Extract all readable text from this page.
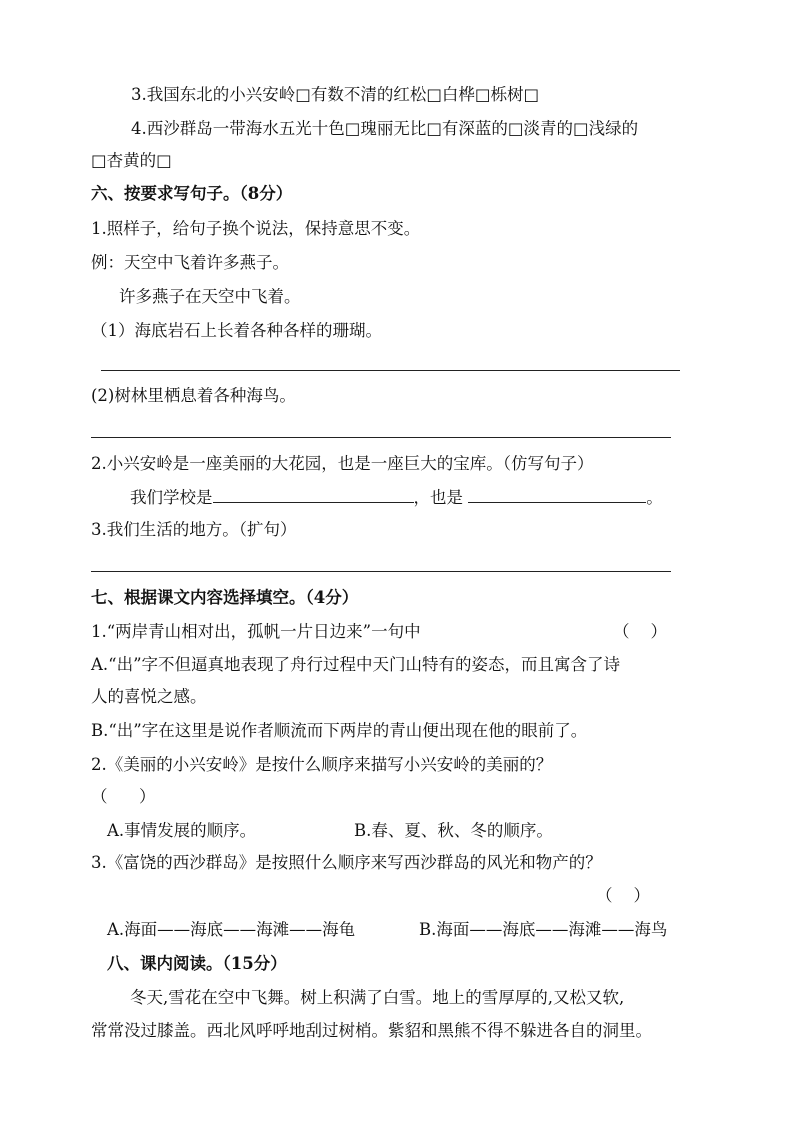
3.我国东北的小兴安岭□有数不清的红松□白桦□栎树□
4.西沙群岛一带海水五光十色□瑰丽无比□有深蓝的□淡青的□浅绿的
□杏黄的□
六、按要求写句子。（8分）
1.照样子，给句子换个说法，保持意思不变。
例：天空中飞着许多燕子。
许多燕子在天空中飞着。
（1）海底岩石上长着各种各样的珊瑚。
(2)树林里栖息着各种海鸟。
2.小兴安岭是一座美丽的大花园，也是一座巨大的宝库。（仿写句子）
我们学校是	，也是	。
3.我们生活的地方。（扩句）
七、根据课文内容选择填空。（4分）
1.“两岸青山相对出，孤帆一片日边来”一句中	（    ）
A.“出”字不但逼真地表现了舟行过程中天门山特有的姿态，而且寓含了诗
人的喜悦之感。
B.“出”字在这里是说作者顺流而下两岸的青山便出现在他的眼前了。
2.《美丽的小兴安岭》是按什么顺序来描写小兴安岭的美丽的？
（      ）
A.事情发展的顺序。	B.春、夏、秋、冬的顺序。
3.《富饶的西沙群岛》是按照什么顺序来写西沙群岛的风光和物产的？
（    ）
A.海面——海底——海滩——海龟	B.海面——海底——海滩——海鸟
八、课内阅读。（15分）
冬天,雪花在空中飞舞。树上积满了白雪。地上的雪厚厚的,又松又软,
常常没过膝盖。西北风呼呼地刮过树梢。紫貂和黑熊不得不躲进各自的洞里。
